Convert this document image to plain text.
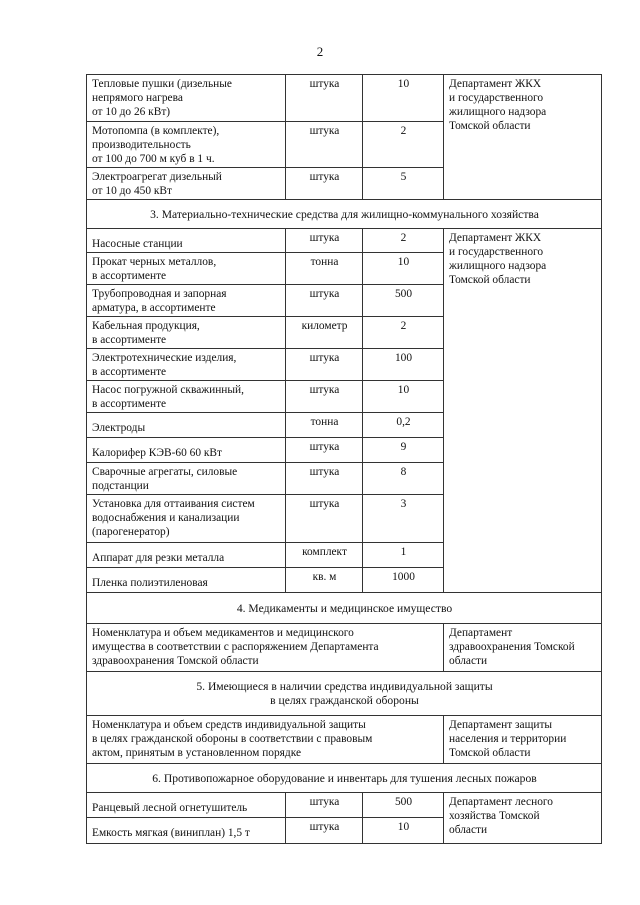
2
Тепловые пушки (дизельные
непрямого нагрева
от 10 до 26 кВт)	штука	10	Департамент ЖКХ
и государственного
жилищного надзора
Томской области
Мотопомпа (в комплекте),
производительность
от 100 до 700 м куб в 1 ч.	штука	2	
Электроагрегат дизельный
от 10 до 450 кВт	штука	5	
3. Материально-технические средства для жилищно-коммунального хозяйства			
Насосные станции	штука	2	Департамент ЖКХ
и государственного
жилищного надзора
Томской области
Прокат черных металлов,
в ассортименте	тонна	10	
Трубопроводная и запорная
арматура, в ассортименте	штука	500	
Кабельная продукция,
в ассортименте	километр	2	
Электротехнические изделия,
в ассортименте	штука	100	
Насос погружной скважинный,
в ассортименте	штука	10	
Электроды	тонна	0,2	
Калорифер КЭВ-60 60 кВт	штука	9	
Сварочные агрегаты, силовые
подстанции	штука	8	
Установка для оттаивания систем
водоснабжения и канализации
(парогенератор)	штука	3	
Аппарат для резки металла	комплект	1	
Пленка полиэтиленовая	кв. м	1000	
4. Медикаменты и медицинское имущество			
Номенклатура и объем медикаментов и медицинского
имущества в соответствии с распоряжением Департамента
здравоохранения Томской области			Департамент
здравоохранения Томской
области
5. Имеющиеся в наличии средства индивидуальной защиты
в целях гражданской обороны			
Номенклатура и объем средств индивидуальной защиты
в целях гражданской обороны в соответствии с правовым
актом, принятым в установленном порядке			Департамент защиты
населения и территории
Томской области
6. Противопожарное оборудование и инвентарь для тушения лесных пожаров			
Ранцевый лесной огнетушитель	штука	500	Департамент лесного
хозяйства Томской
области
Емкость мягкая (виниплан) 1,5 т	штука	10	
